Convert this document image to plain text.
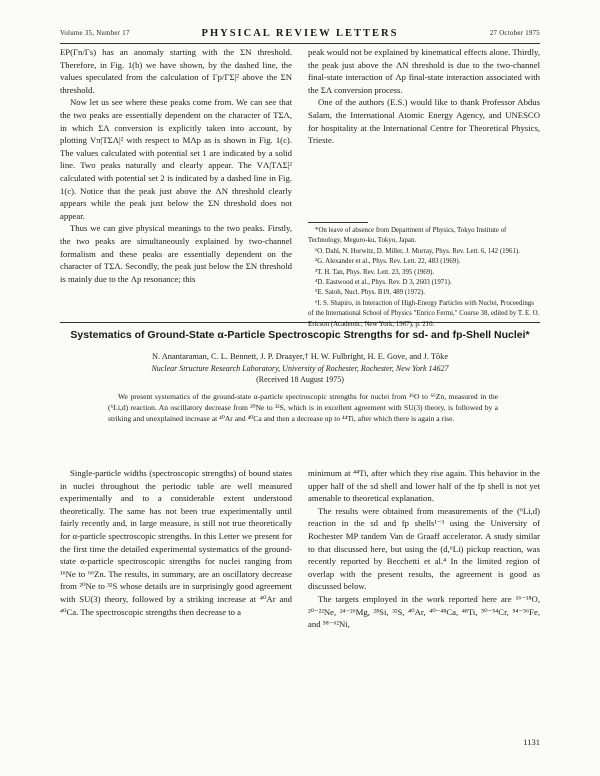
Volume 35, Number 17	PHYSICAL REVIEW LETTERS	27 October 1975

EP(Γn/Γs) has an anomaly starting with the ΣN threshold. Therefore, in Fig. 1(b) we have shown, by the dashed line, the values speculated from the calculation of Γp/ΓΣ|² above the ΣN threshold.

Now let us see where these peaks come from. We can see that the two peaks are essentially dependent on the character of TΣΛ, in which ΣΛ conversion is explicitly taken into account, by plotting Vπ|TΣΛ|² with respect to MΛp as is shown in Fig. 1(c). The values calculated with potential set 1 are indicated by a solid line. Two peaks naturally and clearly appear. The VΛ|TΛΣ|² calculated with potential set 2 is indicated by a dashed line in Fig. 1(c). Notice that the peak just above the ΛN threshold clearly appears while the peak just below the ΣN threshold does not appear.

Thus we can give physical meanings to the two peaks. Firstly, the two peaks are simultaneously explained by two-channel formalism and these peaks are essentially dependent on the character of TΣΛ. Secondly, the peak just below the ΣN threshold is mainly due to the Λp resonance; this

peak would not be explained by kinematical effects alone. Thirdly, the peak just above the ΛN threshold is due to the two-channel final-state interaction of Λp final-state interaction associated with the ΣΛ conversion process.

One of the authors (E.S.) would like to thank Professor Abdus Salam, the International Atomic Energy Agency, and UNESCO for hospitality at the International Centre for Theoretical Physics, Trieste.

*On leave of absence from Department of Physics, Tokyo Institute of Technology, Meguro-ku, Tokyo, Japan.

¹O. Dahl, N. Horwitz, D. Miller, J. Murray, Phys. Rev. Lett. 6, 142 (1961).

²G. Alexander et al., Phys. Rev. Lett. 22, 483 (1969).

³T. H. Tan, Phys. Rev. Lett. 23, 395 (1969).

⁴D. Eastwood et al., Phys. Rev. D 3, 2603 (1971).

⁵E. Satoh, Nucl. Phys. B19, 489 (1972).

⁶I. S. Shapiro, in Interaction of High-Energy Particles with Nuclei, Proceedings of the International School of Physics "Enrico Fermi," Course 38, edited by T. E. O. Ericson (Academic, New York, 1967), p. 210.

Systematics of Ground-State α-Particle Spectroscopic Strengths for sd- and fp-Shell Nuclei*
N. Anantaraman, C. L. Bennett, J. P. Draayer,† H. W. Fulbright, H. E. Gove, and J. Tōke
Nuclear Structure Research Laboratory, University of Rochester, Rochester, New York 14627
(Received 18 August 1975)

We present systematics of the ground-state α-particle spectroscopic strengths for nuclei from ¹⁶O to ⁶⁶Zn, measured in the (⁶Li,d) reaction. An oscillatory decrease from ²⁰Ne to ³²S, which is in excellent agreement with SU(3) theory, is followed by a striking and unexplained increase at ⁴⁰Ar and ⁴⁰Ca and then a decrease up to ⁴⁴Ti, after which there is again a rise.

Single-particle widths (spectroscopic strengths) of bound states in nuclei throughout the periodic table are well measured experimentally and to a considerable extent understood theoretically. The same has not been true experimentally until fairly recently and, in large measure, is still not true theoretically for α-particle spectroscopic strengths. In this Letter we present for the first time the detailed experimental systematics of the ground-state α-particle spectroscopic strengths for nuclei ranging from ¹⁶Ne to ⁶⁶Zn. The results, in summary, are an oscillatory decrease from ²⁰Ne to ³²S whose details are in surprisingly good agreement with SU(3) theory, followed by a striking increase at ⁴⁰Ar and ⁴⁰Ca. The spectroscopic strengths then decrease to a

minimum at ⁴⁴Ti, after which they rise again. This behavior in the upper half of the sd shell and lower half of the fp shell is not yet amenable to theoretical explanation.

The results were obtained from measurements of the (⁶Li,d) reaction in the sd and fp shells¹⁻³ using the University of Rochester MP tandem Van de Graaff accelerator. A study similar to that discussed here, but using the (d,⁶Li) pickup reaction, was recently reported by Becchetti et al.⁴ In the limited region of overlap with the present results, the agreement is good as discussed below.

The targets employed in the work reported here are ¹⁶⁻¹⁸O, ²⁰⁻²²Ne, ²⁴⁻²⁶Mg, ²⁸Si, ³²S, ⁴⁰Ar, ⁴⁰⁻⁴⁸Ca, ⁴⁸Ti, ⁵⁰⁻⁵⁴Cr, ⁵⁴⁻⁵⁶Fe, and ⁵⁸⁻⁶²Ni,

1131
